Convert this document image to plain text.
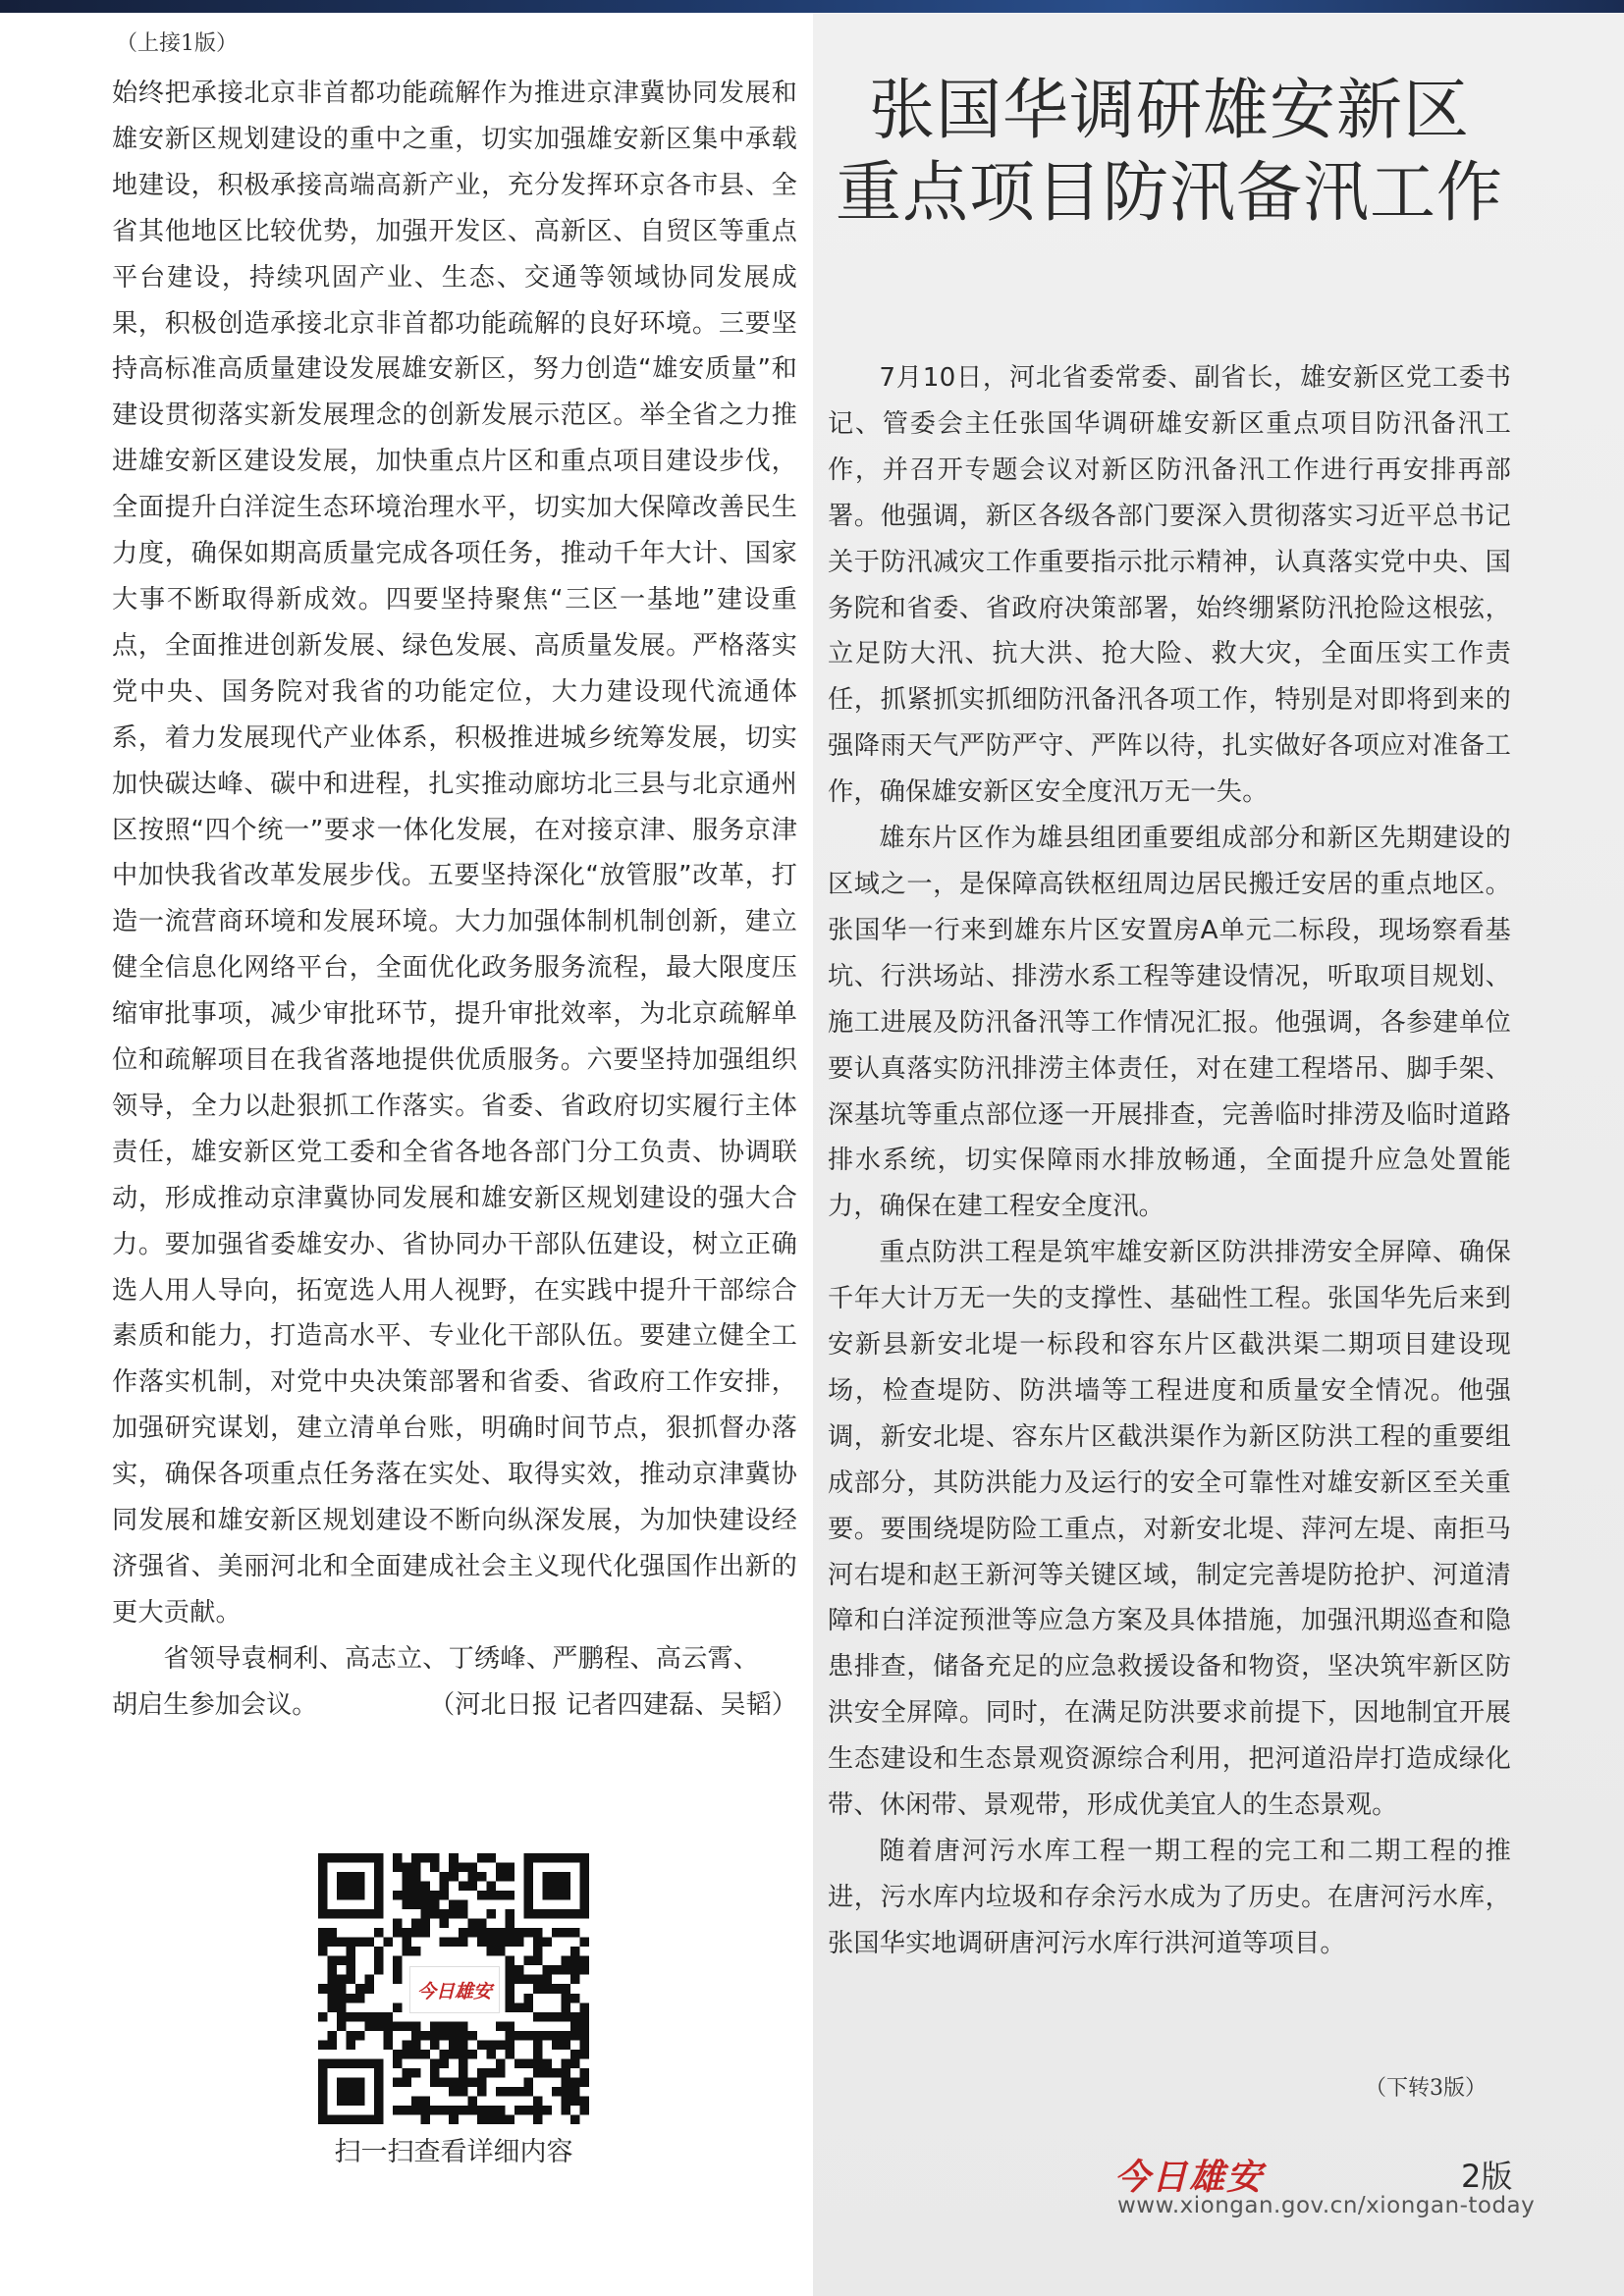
（上接1版）

始终把承接北京非首都功能疏解作为推进京津冀协同发展和雄安新区规划建设的重中之重，切实加强雄安新区集中承载地建设，积极承接高端高新产业，充分发挥环京各市县、全省其他地区比较优势，加强开发区、高新区、自贸区等重点平台建设，持续巩固产业、生态、交通等领域协同发展成果，积极创造承接北京非首都功能疏解的良好环境。三要坚持高标准高质量建设发展雄安新区，努力创造“雄安质量”和建设贯彻落实新发展理念的创新发展示范区。举全省之力推进雄安新区建设发展，加快重点片区和重点项目建设步伐，全面提升白洋淀生态环境治理水平，切实加大保障改善民生力度，确保如期高质量完成各项任务，推动千年大计、国家大事不断取得新成效。四要坚持聚焦“三区一基地”建设重点，全面推进创新发展、绿色发展、高质量发展。严格落实党中央、国务院对我省的功能定位，大力建设现代流通体系，着力发展现代产业体系，积极推进城乡统筹发展，切实加快碳达峰、碳中和进程，扎实推动廊坊北三县与北京通州区按照“四个统一”要求一体化发展，在对接京津、服务京津中加快我省改革发展步伐。五要坚持深化“放管服”改革，打造一流营商环境和发展环境。大力加强体制机制创新，建立健全信息化网络平台，全面优化政务服务流程，最大限度压缩审批事项，减少审批环节，提升审批效率，为北京疏解单位和疏解项目在我省落地提供优质服务。六要坚持加强组织领导，全力以赴狠抓工作落实。省委、省政府切实履行主体责任，雄安新区党工委和全省各地各部门分工负责、协调联动，形成推动京津冀协同发展和雄安新区规划建设的强大合力。要加强省委雄安办、省协同办干部队伍建设，树立正确选人用人导向，拓宽选人用人视野，在实践中提升干部综合素质和能力，打造高水平、专业化干部队伍。要建立健全工作落实机制，对党中央决策部署和省委、省政府工作安排，加强研究谋划，建立清单台账，明确时间节点，狠抓督办落实，确保各项重点任务落在实处、取得实效，推动京津冀协同发展和雄安新区规划建设不断向纵深发展，为加快建设经济强省、美丽河北和全面建成社会主义现代化强国作出新的更大贡献。

省领导袁桐利、高志立、丁绣峰、严鹏程、高云霄、

胡启生参加会议。	（河北日报 记者四建磊、吴韬）
今日雄安
扫一扫查看详细内容
张国华调研雄安新区
重点项目防汛备汛工作

7月10日，河北省委常委、副省长，雄安新区党工委书记、管委会主任张国华调研雄安新区重点项目防汛备汛工作，并召开专题会议对新区防汛备汛工作进行再安排再部署。他强调，新区各级各部门要深入贯彻落实习近平总书记关于防汛减灾工作重要指示批示精神，认真落实党中央、国务院和省委、省政府决策部署，始终绷紧防汛抢险这根弦，立足防大汛、抗大洪、抢大险、救大灾，全面压实工作责任，抓紧抓实抓细防汛备汛各项工作，特别是对即将到来的强降雨天气严防严守、严阵以待，扎实做好各项应对准备工作，确保雄安新区安全度汛万无一失。

雄东片区作为雄县组团重要组成部分和新区先期建设的区域之一，是保障高铁枢纽周边居民搬迁安居的重点地区。张国华一行来到雄东片区安置房A单元二标段，现场察看基坑、行洪场站、排涝水系工程等建设情况，听取项目规划、施工进展及防汛备汛等工作情况汇报。他强调，各参建单位要认真落实防汛排涝主体责任，对在建工程塔吊、脚手架、深基坑等重点部位逐一开展排查，完善临时排涝及临时道路排水系统，切实保障雨水排放畅通，全面提升应急处置能力，确保在建工程安全度汛。

重点防洪工程是筑牢雄安新区防洪排涝安全屏障、确保千年大计万无一失的支撑性、基础性工程。张国华先后来到安新县新安北堤一标段和容东片区截洪渠二期项目建设现场，检查堤防、防洪墙等工程进度和质量安全情况。他强调，新安北堤、容东片区截洪渠作为新区防洪工程的重要组成部分，其防洪能力及运行的安全可靠性对雄安新区至关重要。要围绕堤防险工重点，对新安北堤、萍河左堤、南拒马河右堤和赵王新河等关键区域，制定完善堤防抢护、河道清障和白洋淀预泄等应急方案及具体措施，加强汛期巡查和隐患排查，储备充足的应急救援设备和物资，坚决筑牢新区防洪安全屏障。同时，在满足防洪要求前提下，因地制宜开展生态建设和生态景观资源综合利用，把河道沿岸打造成绿化带、休闲带、景观带，形成优美宜人的生态景观。

随着唐河污水库工程一期工程的完工和二期工程的推进，污水库内垃圾和存余污水成为了历史。在唐河污水库，张国华实地调研唐河污水库行洪河道等项目。

（下转3版）
今日雄安	2版
www.xiongan.gov.cn/xiongan-today
